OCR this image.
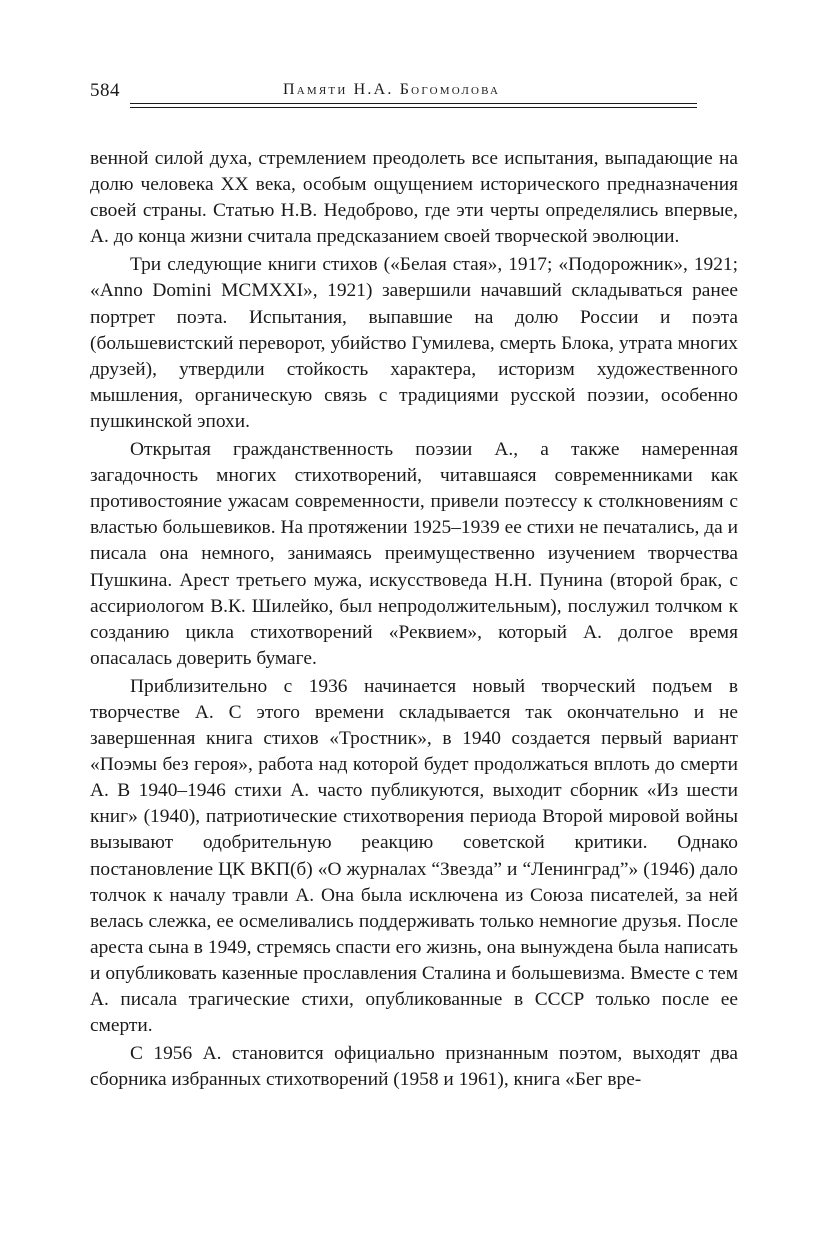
584	Памяти Н.А. Богомолова

венной силой духа, стремлением преодолеть все испытания, выпадающие на долю человека XX века, особым ощущением исторического предназначения своей страны. Статью Н.В. Недоброво, где эти черты определялись впервые, А. до конца жизни считала предсказанием своей творческой эволюции.

Три следующие книги стихов («Белая стая», 1917; «Подорожник», 1921; «Anno Domini MCMXXI», 1921) завершили начавший складываться ранее портрет поэта. Испытания, выпавшие на долю России и поэта (большевистский переворот, убийство Гумилева, смерть Блока, утрата многих друзей), утвердили стойкость характера, историзм художественного мышления, органическую связь с традициями русской поэзии, особенно пушкинской эпохи.

Открытая гражданственность поэзии А., а также намеренная загадочность многих стихотворений, читавшаяся современниками как противостояние ужасам современности, привели поэтессу к столкновениям с властью большевиков. На протяжении 1925–1939 ее стихи не печатались, да и писала она немного, занимаясь преимущественно изучением творчества Пушкина. Арест третьего мужа, искусствоведа Н.Н. Пунина (второй брак, с ассириологом В.К. Шилейко, был непродолжительным), послужил толчком к созданию цикла стихотворений «Реквием», который А. долгое время опасалась доверить бумаге.

Приблизительно с 1936 начинается новый творческий подъем в творчестве А. С этого времени складывается так окончательно и не завершенная книга стихов «Тростник», в 1940 создается первый вариант «Поэмы без героя», работа над которой будет продолжаться вплоть до смерти А. В 1940–1946 стихи А. часто публикуются, выходит сборник «Из шести книг» (1940), патриотические стихотворения периода Второй мировой войны вызывают одобрительную реакцию советской критики. Однако постановление ЦК ВКП(б) «О журналах “Звезда” и “Ленинград”» (1946) дало толчок к началу травли А. Она была исключена из Союза писателей, за ней велась слежка, ее осмеливались поддерживать только немногие друзья. После ареста сына в 1949, стремясь спасти его жизнь, она вынуждена была написать и опубликовать казенные прославления Сталина и большевизма. Вместе с тем А. писала трагические стихи, опубликованные в СССР только после ее смерти.

С 1956 А. становится официально признанным поэтом, выходят два сборника избранных стихотворений (1958 и 1961), книга «Бег вре-
